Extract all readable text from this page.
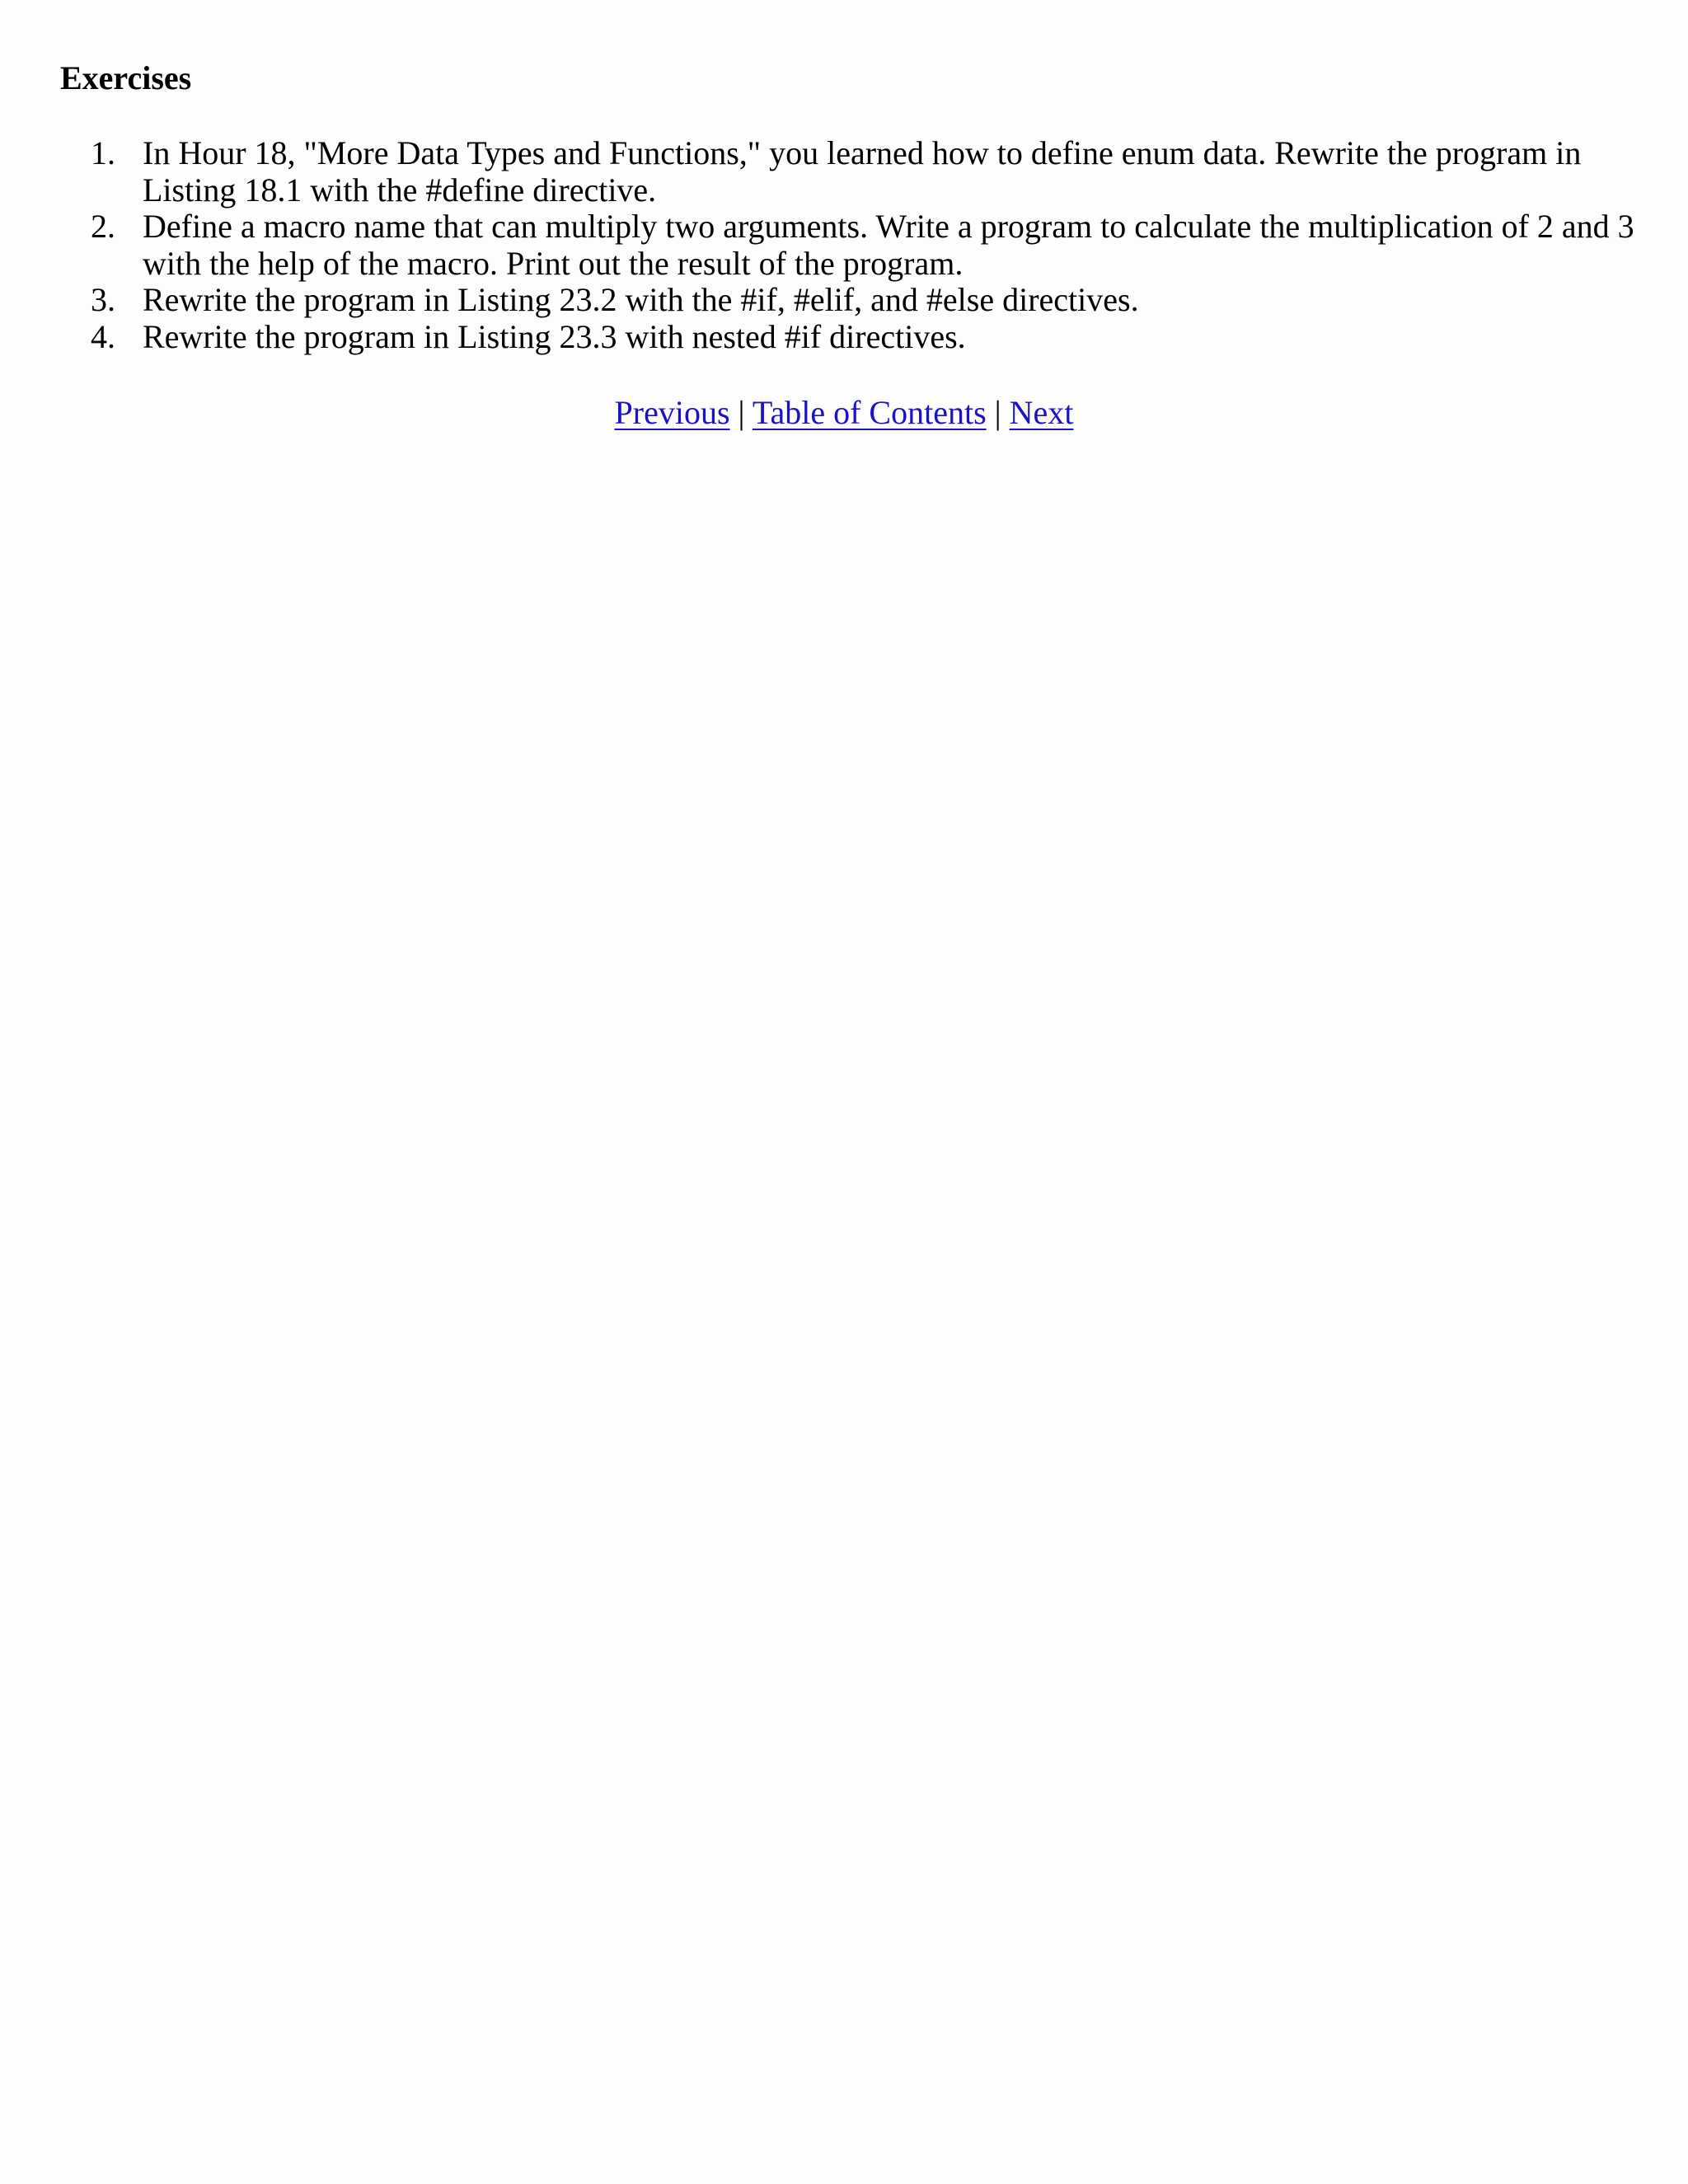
Exercises
1. In Hour 18, "More Data Types and Functions," you learned how to define enum data. Rewrite the program in Listing 18.1 with the #define directive.
2. Define a macro name that can multiply two arguments. Write a program to calculate the multiplication of 2 and 3 with the help of the macro. Print out the result of the program.
3. Rewrite the program in Listing 23.2 with the #if, #elif, and #else directives.
4. Rewrite the program in Listing 23.3 with nested #if directives.
Previous | Table of Contents | Next
